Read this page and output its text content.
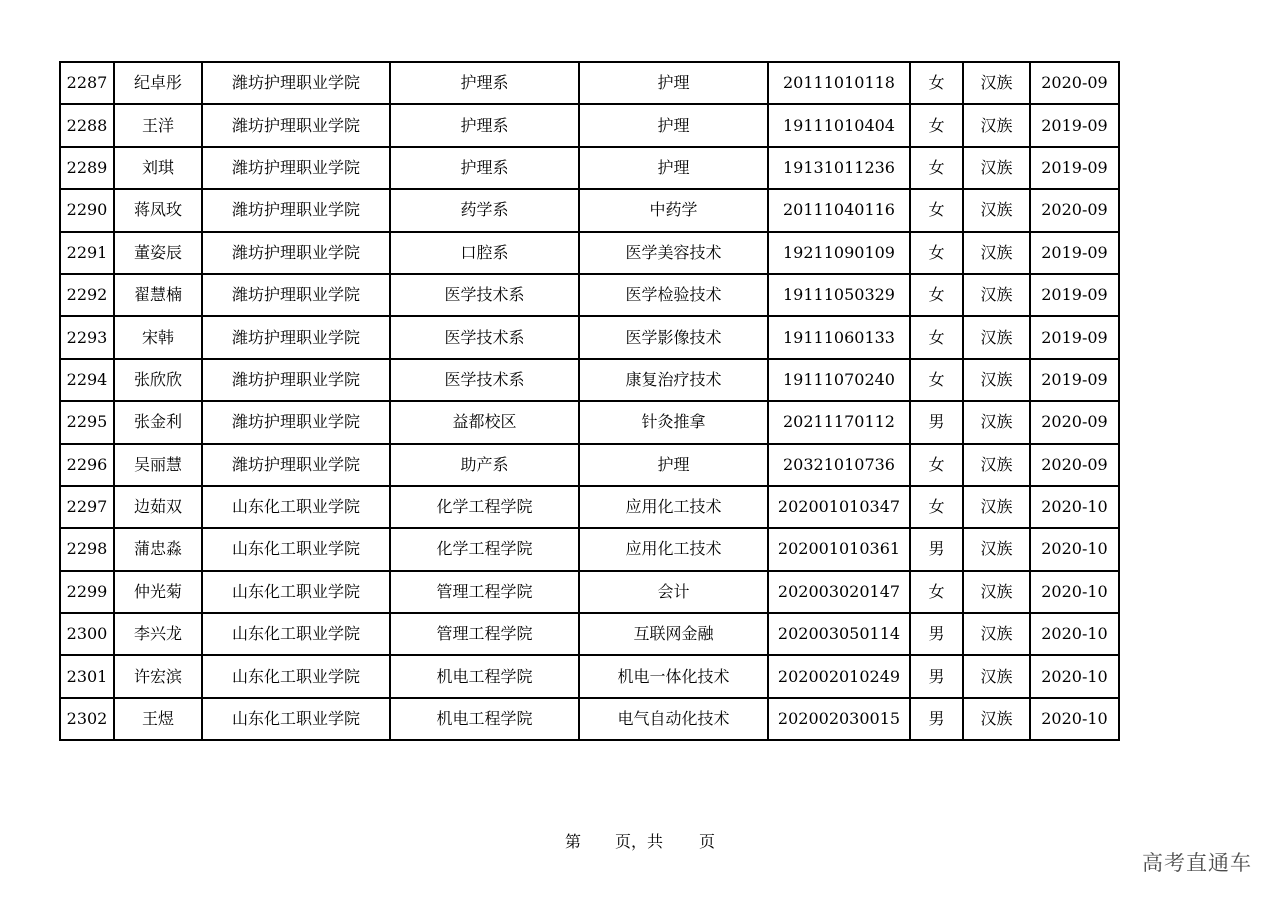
2287	纪卓彤	潍坊护理职业学院	护理系	护理	20111010118	女	汉族	2020-09
2288	王洋	潍坊护理职业学院	护理系	护理	19111010404	女	汉族	2019-09
2289	刘琪	潍坊护理职业学院	护理系	护理	19131011236	女	汉族	2019-09
2290	蒋凤玫	潍坊护理职业学院	药学系	中药学	20111040116	女	汉族	2020-09
2291	董姿辰	潍坊护理职业学院	口腔系	医学美容技术	19211090109	女	汉族	2019-09
2292	翟慧楠	潍坊护理职业学院	医学技术系	医学检验技术	19111050329	女	汉族	2019-09
2293	宋韩	潍坊护理职业学院	医学技术系	医学影像技术	19111060133	女	汉族	2019-09
2294	张欣欣	潍坊护理职业学院	医学技术系	康复治疗技术	19111070240	女	汉族	2019-09
2295	张金利	潍坊护理职业学院	益都校区	针灸推拿	20211170112	男	汉族	2020-09
2296	吴丽慧	潍坊护理职业学院	助产系	护理	20321010736	女	汉族	2020-09
2297	边茹双	山东化工职业学院	化学工程学院	应用化工技术	202001010347	女	汉族	2020-10
2298	蒲忠淼	山东化工职业学院	化学工程学院	应用化工技术	202001010361	男	汉族	2020-10
2299	仲光菊	山东化工职业学院	管理工程学院	会计	202003020147	女	汉族	2020-10
2300	李兴龙	山东化工职业学院	管理工程学院	互联网金融	202003050114	男	汉族	2020-10
2301	许宏滨	山东化工职业学院	机电工程学院	机电一体化技术	202002010249	男	汉族	2020-10
2302	王煜	山东化工职业学院	机电工程学院	电气自动化技术	202002030015	男	汉族	2020-10
第 页，共 页
高考直通车
